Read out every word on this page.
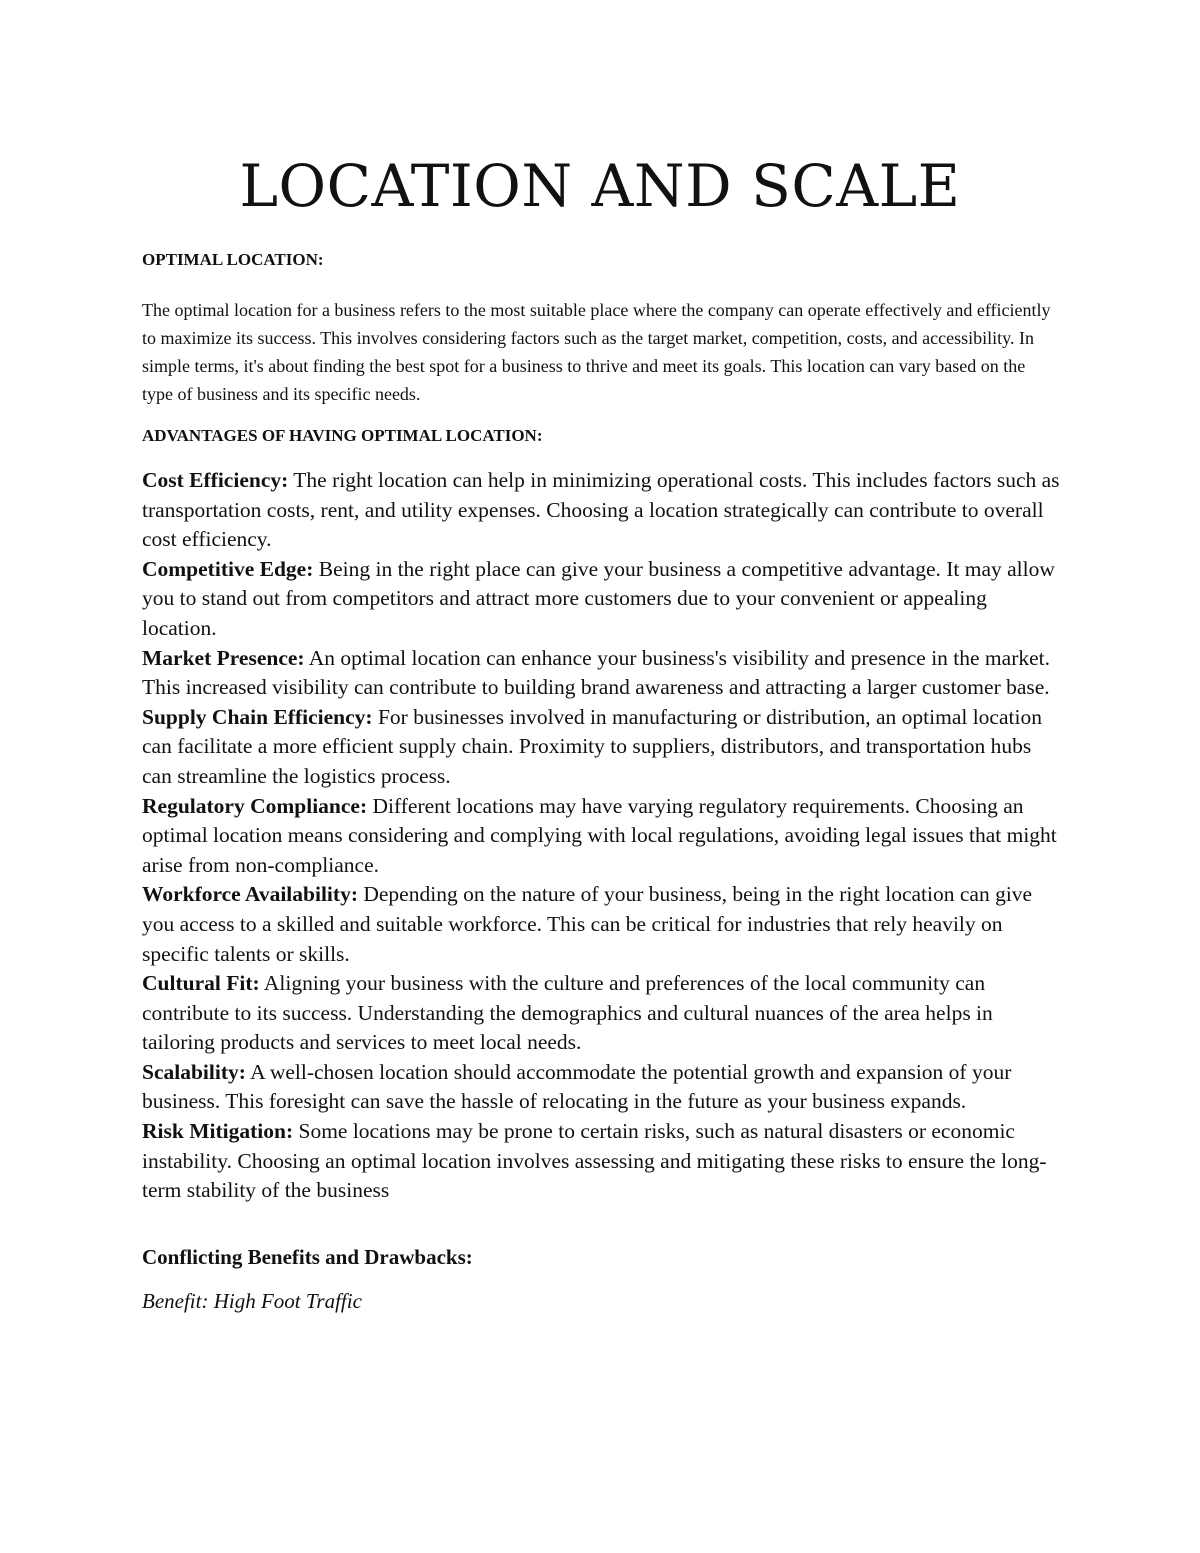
LOCATION AND SCALE

OPTIMAL LOCATION:

The optimal location for a business refers to the most suitable place where the company can operate effectively and efficiently to maximize its success. This involves considering factors such as the target market, competition, costs, and accessibility. In simple terms, it's about finding the best spot for a business to thrive and meet its goals. This location can vary based on the type of business and its specific needs.

ADVANTAGES OF HAVING OPTIMAL LOCATION:

Cost Efficiency: The right location can help in minimizing operational costs. This includes factors such as transportation costs, rent, and utility expenses. Choosing a location strategically can contribute to overall cost efficiency.
Competitive Edge: Being in the right place can give your business a competitive advantage. It may allow you to stand out from competitors and attract more customers due to your convenient or appealing location.
Market Presence: An optimal location can enhance your business's visibility and presence in the market. This increased visibility can contribute to building brand awareness and attracting a larger customer base.
Supply Chain Efficiency: For businesses involved in manufacturing or distribution, an optimal location can facilitate a more efficient supply chain. Proximity to suppliers, distributors, and transportation hubs can streamline the logistics process.
Regulatory Compliance: Different locations may have varying regulatory requirements. Choosing an optimal location means considering and complying with local regulations, avoiding legal issues that might arise from non-compliance.
Workforce Availability: Depending on the nature of your business, being in the right location can give you access to a skilled and suitable workforce. This can be critical for industries that rely heavily on specific talents or skills.
Cultural Fit: Aligning your business with the culture and preferences of the local community can contribute to its success. Understanding the demographics and cultural nuances of the area helps in tailoring products and services to meet local needs.
Scalability: A well-chosen location should accommodate the potential growth and expansion of your business. This foresight can save the hassle of relocating in the future as your business expands.
Risk Mitigation: Some locations may be prone to certain risks, such as natural disasters or economic instability. Choosing an optimal location involves assessing and mitigating these risks to ensure the long-term stability of the business

Conflicting Benefits and Drawbacks:

Benefit: High Foot Traffic
